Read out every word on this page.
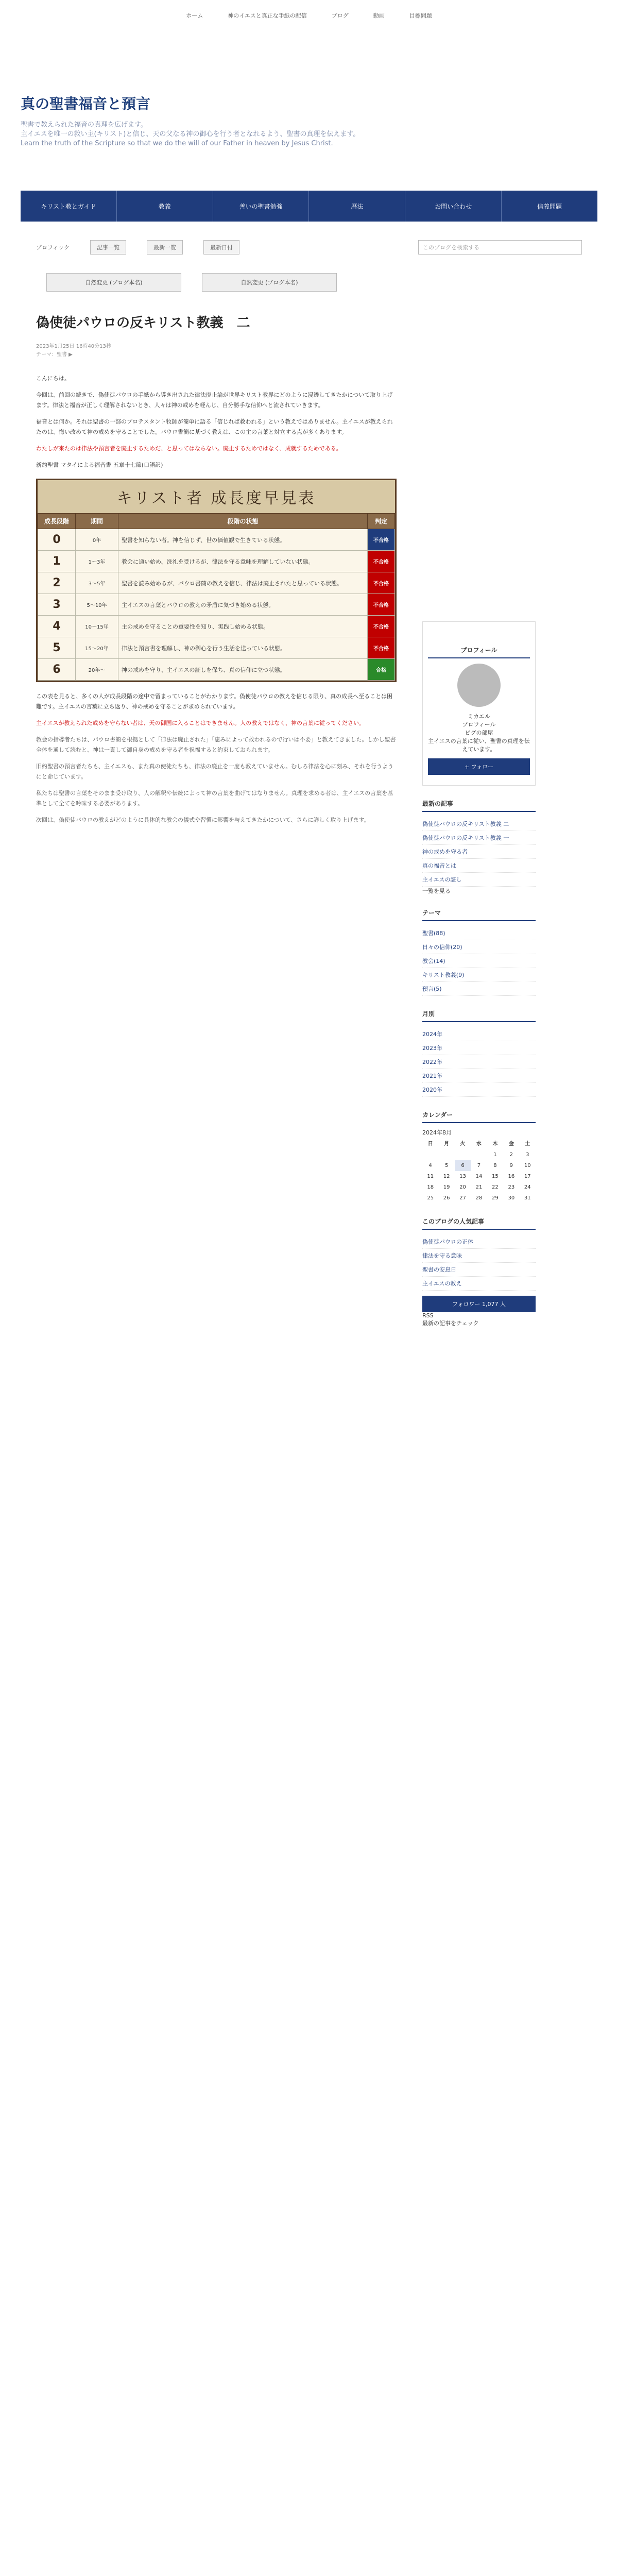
ホーム	神のイエスと真正な手紙の配信	ブログ	動画	目標問題
真の聖書福音と預言
聖書で教えられた福音の真理を広げます。
主イエスを唯一の救い主(キリスト)と信じ、天の父なる神の御心を行う者となれるよう、聖書の真理を伝えます。
Learn the truth of the Scripture so that we do the will of our Father in heaven by Jesus Christ.
キリスト教とガイド	教義	善いの聖書勉強	暦法	お問い合わせ	信義問題
プロフィック	記事一覧	最新一覧	最新日付	このブログを検索する
自然変更 (ブログ本名)	自然変更 (ブログ本名)
偽使徒パウロの反キリスト教義　二
2023年1月25日 16時40分13秒
テーマ：聖書 ▶

こんにちは。

今回は、前回の続きで、偽使徒パウロの手紙から導き出された律法廃止論が世界キリスト教界にどのように浸透してきたかについて取り上げます。律法と福音が正しく理解されないとき、人々は神の戒めを軽んじ、自分勝手な信仰へと流されていきます。

福音とは何か。それは聖書の一部のプロテスタント牧師が簡単に語る「信じれば救われる」という教えではありません。主イエスが教えられたのは、悔い改めて神の戒めを守ることでした。パウロ書簡に基づく教えは、この主の言葉と対立する点が多くあります。

わたしが来たのは律法や預言者を廃止するためだ、と思ってはならない。廃止するためではなく、成就するためである。

新約聖書 マタイによる福音書 五章十七節(口語訳)

キリスト者 成長度早見表
成長段階	期間	段階の状態	判定
0	0年	聖書を知らない者。神を信じず、世の価値観で生きている状態。	不合格
1	1～3年	教会に通い始め、洗礼を受けるが、律法を守る意味を理解していない状態。	不合格
2	3～5年	聖書を読み始めるが、パウロ書簡の教えを信じ、律法は廃止されたと思っている状態。	不合格
3	5～10年	主イエスの言葉とパウロの教えの矛盾に気づき始める状態。	不合格
4	10～15年	主の戒めを守ることの重要性を知り、実践し始める状態。	不合格
5	15～20年	律法と預言書を理解し、神の御心を行う生活を送っている状態。	不合格
6	20年～	神の戒めを守り、主イエスの証しを保ち、真の信仰に立つ状態。	合格

この表を見ると、多くの人が成長段階の途中で留まっていることがわかります。偽使徒パウロの教えを信じる限り、真の成長へ至ることは困難です。主イエスの言葉に立ち返り、神の戒めを守ることが求められています。

主イエスが教えられた戒めを守らない者は、天の御国に入ることはできません。人の教えではなく、神の言葉に従ってください。

教会の指導者たちは、パウロ書簡を根拠として「律法は廃止された」「恵みによって救われるので行いは不要」と教えてきました。しかし聖書全体を通して読むと、神は一貫して御自身の戒めを守る者を祝福すると約束しておられます。

旧約聖書の預言者たちも、主イエスも、また真の使徒たちも、律法の廃止を一度も教えていません。むしろ律法を心に刻み、それを行うようにと命じています。

私たちは聖書の言葉をそのまま受け取り、人の解釈や伝統によって神の言葉を曲げてはなりません。真理を求める者は、主イエスの言葉を基準として全てを吟味する必要があります。

次回は、偽使徒パウロの教えがどのように具体的な教会の儀式や習慣に影響を与えてきたかについて、さらに詳しく取り上げます。

プロフィール
ミカエル
プロフィール
ピグの部屋
主イエスの言葉に従い、聖書の真理を伝えています。
+ フォロー
最新の記事
偽使徒パウロの反キリスト教義 二
偽使徒パウロの反キリスト教義 一
神の戒めを守る者
真の福音とは
主イエスの証し
一覧を見る
テーマ
聖書(88)
日々の信仰(20)
教会(14)
キリスト教義(9)
預言(5)
月別
2024年
2023年
2022年
2021年
2020年
カレンダー
2024年8月
日	月	火	水	木	金	土
				1	2	3
4	5	6	7	8	9	10
11	12	13	14	15	16	17
18	19	20	21	22	23	24
25	26	27	28	29	30	31
このブログの人気記事
偽使徒パウロの正体
律法を守る意味
聖書の安息日
主イエスの教え
フォロワー 1,077 人
RSS
最新の記事をチェック
